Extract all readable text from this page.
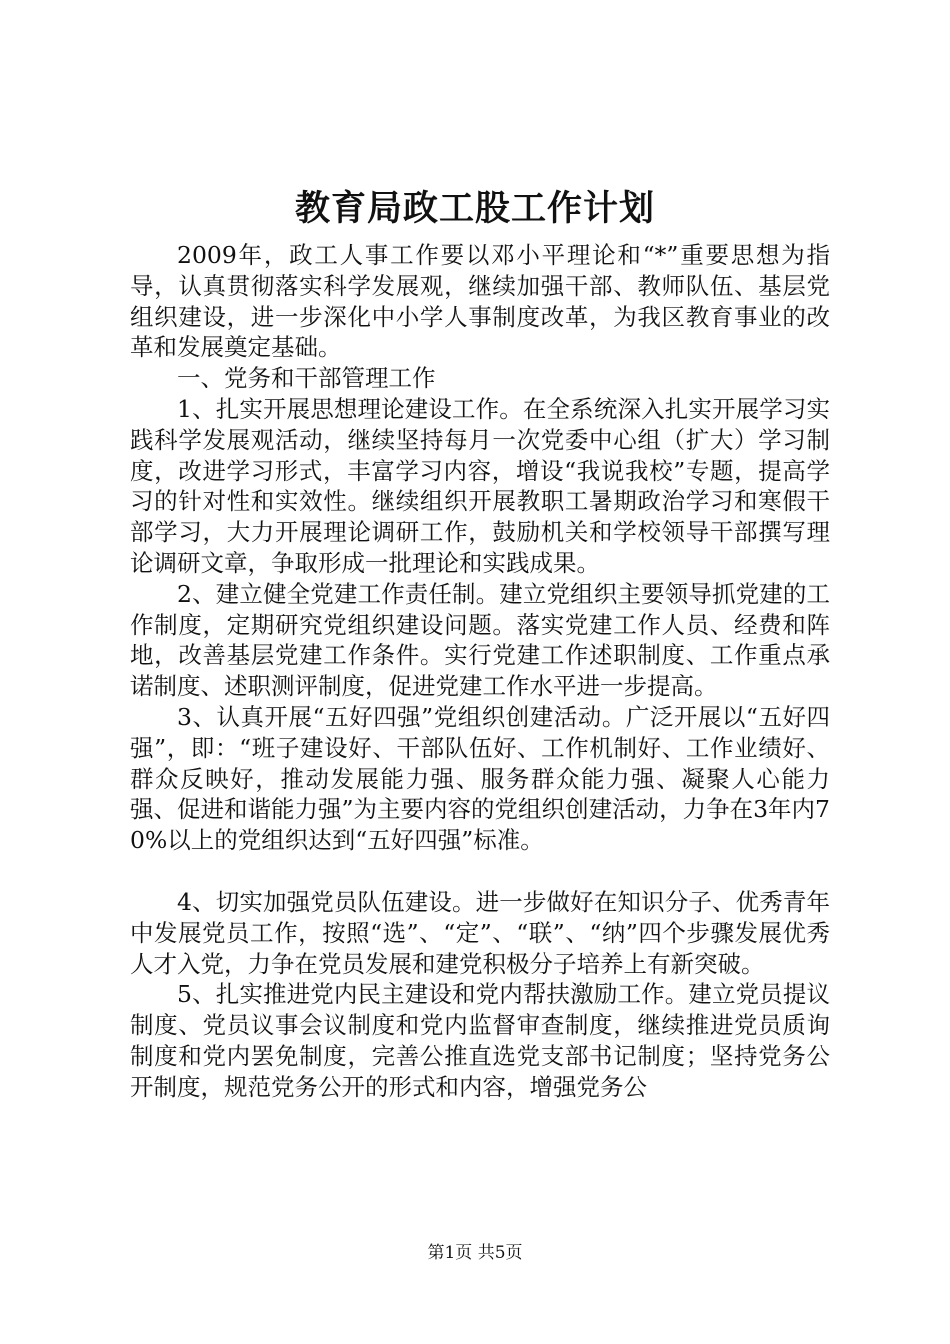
教育局政工股工作计划

2009年，政工人事工作要以邓小平理论和“*”重要思想为指导，认真贯彻落实科学发展观，继续加强干部、教师队伍、基层党组织建设，进一步深化中小学人事制度改革，为我区教育事业的改革和发展奠定基础。

一、党务和干部管理工作

1、扎实开展思想理论建设工作。在全系统深入扎实开展学习实践科学发展观活动，继续坚持每月一次党委中心组（扩大）学习制度，改进学习形式，丰富学习内容，增设“我说我校”专题，提高学习的针对性和实效性。继续组织开展教职工暑期政治学习和寒假干部学习，大力开展理论调研工作，鼓励机关和学校领导干部撰写理论调研文章，争取形成一批理论和实践成果。

2、建立健全党建工作责任制。建立党组织主要领导抓党建的工作制度，定期研究党组织建设问题。落实党建工作人员、经费和阵地，改善基层党建工作条件。实行党建工作述职制度、工作重点承诺制度、述职测评制度，促进党建工作水平进一步提高。

3、认真开展“五好四强”党组织创建活动。广泛开展以“五好四强”，即：“班子建设好、干部队伍好、工作机制好、工作业绩好、群众反映好，推动发展能力强、服务群众能力强、凝聚人心能力强、促进和谐能力强”为主要内容的党组织创建活动，力争在3年内70%以上的党组织达到“五好四强”标准。

4、切实加强党员队伍建设。进一步做好在知识分子、优秀青年中发展党员工作，按照“选”、“定”、“联”、“纳”四个步骤发展优秀人才入党，力争在党员发展和建党积极分子培养上有新突破。

5、扎实推进党内民主建设和党内帮扶激励工作。建立党员提议制度、党员议事会议制度和党内监督审查制度，继续推进党员质询制度和党内罢免制度，完善公推直选党支部书记制度；坚持党务公开制度，规范党务公开的形式和内容，增强党务公

第1页 共5页
